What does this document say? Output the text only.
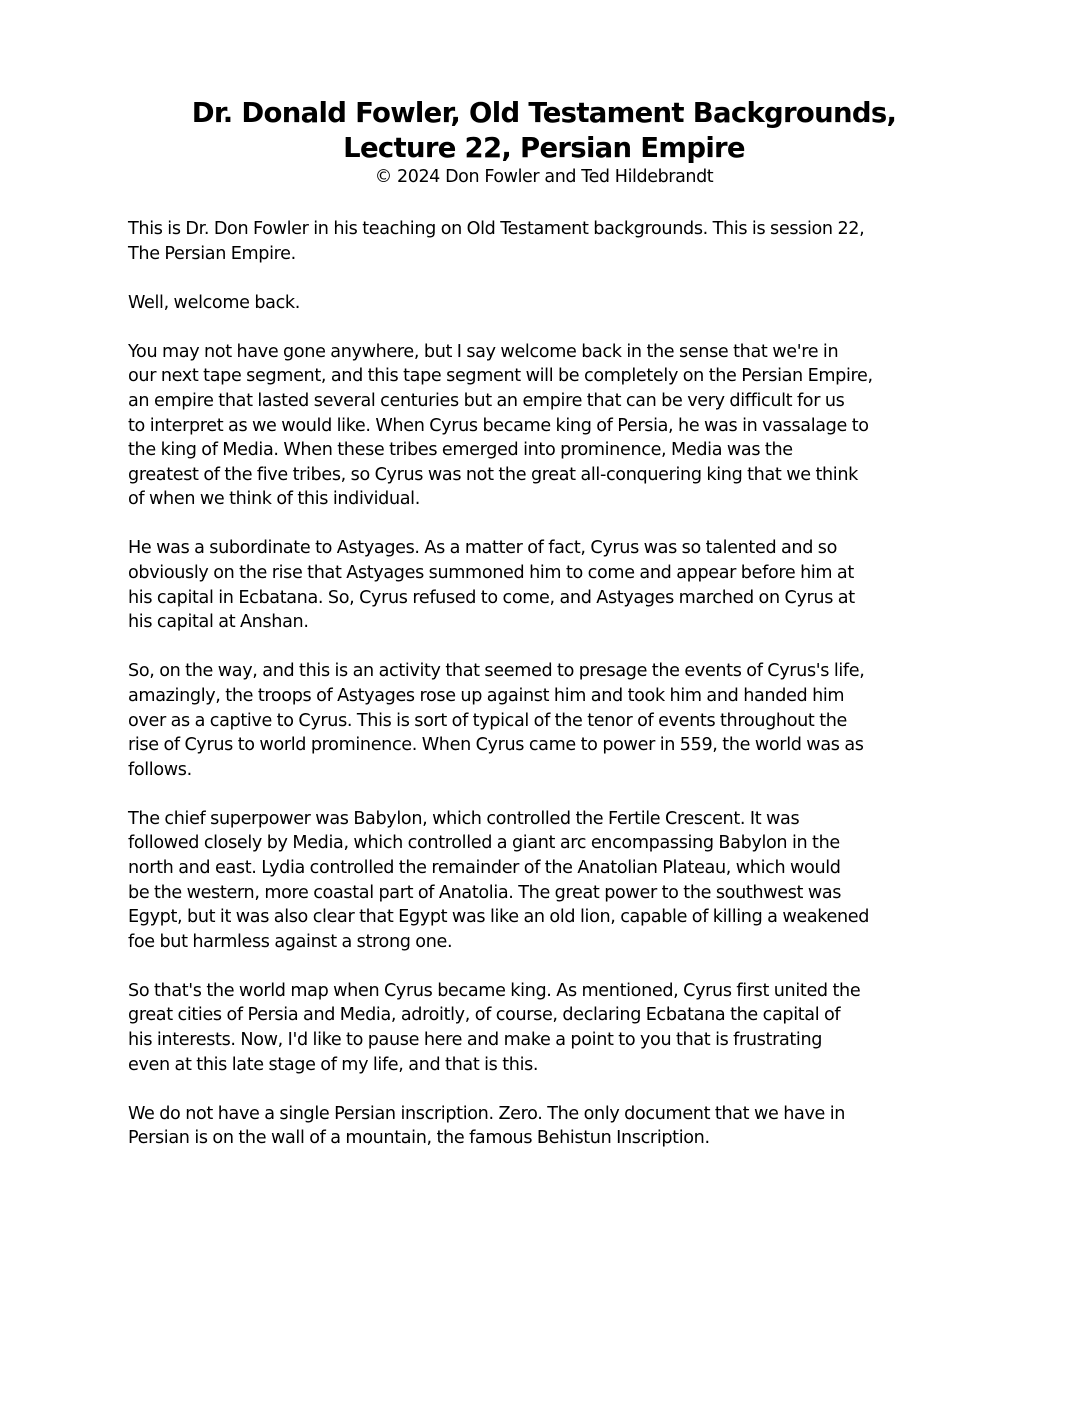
Dr. Donald Fowler, Old Testament Backgrounds,
Lecture 22, Persian Empire
© 2024 Don Fowler and Ted Hildebrandt
This is Dr. Don Fowler in his teaching on Old Testament backgrounds. This is session 22,
The Persian Empire.
Well, welcome back.
You may not have gone anywhere, but I say welcome back in the sense that we're in
our next tape segment, and this tape segment will be completely on the Persian Empire,
an empire that lasted several centuries but an empire that can be very difficult for us
to interpret as we would like. When Cyrus became king of Persia, he was in vassalage to
the king of Media. When these tribes emerged into prominence, Media was the
greatest of the five tribes, so Cyrus was not the great all-conquering king that we think
of when we think of this individual.
He was a subordinate to Astyages. As a matter of fact, Cyrus was so talented and so
obviously on the rise that Astyages summoned him to come and appear before him at
his capital in Ecbatana. So, Cyrus refused to come, and Astyages marched on Cyrus at
his capital at Anshan.
So, on the way, and this is an activity that seemed to presage the events of Cyrus's life,
amazingly, the troops of Astyages rose up against him and took him and handed him
over as a captive to Cyrus. This is sort of typical of the tenor of events throughout the
rise of Cyrus to world prominence. When Cyrus came to power in 559, the world was as
follows.
The chief superpower was Babylon, which controlled the Fertile Crescent. It was
followed closely by Media, which controlled a giant arc encompassing Babylon in the
north and east. Lydia controlled the remainder of the Anatolian Plateau, which would
be the western, more coastal part of Anatolia. The great power to the southwest was
Egypt, but it was also clear that Egypt was like an old lion, capable of killing a weakened
foe but harmless against a strong one.
So that's the world map when Cyrus became king. As mentioned, Cyrus first united the
great cities of Persia and Media, adroitly, of course, declaring Ecbatana the capital of
his interests. Now, I'd like to pause here and make a point to you that is frustrating
even at this late stage of my life, and that is this.
We do not have a single Persian inscription. Zero. The only document that we have in
Persian is on the wall of a mountain, the famous Behistun Inscription.
